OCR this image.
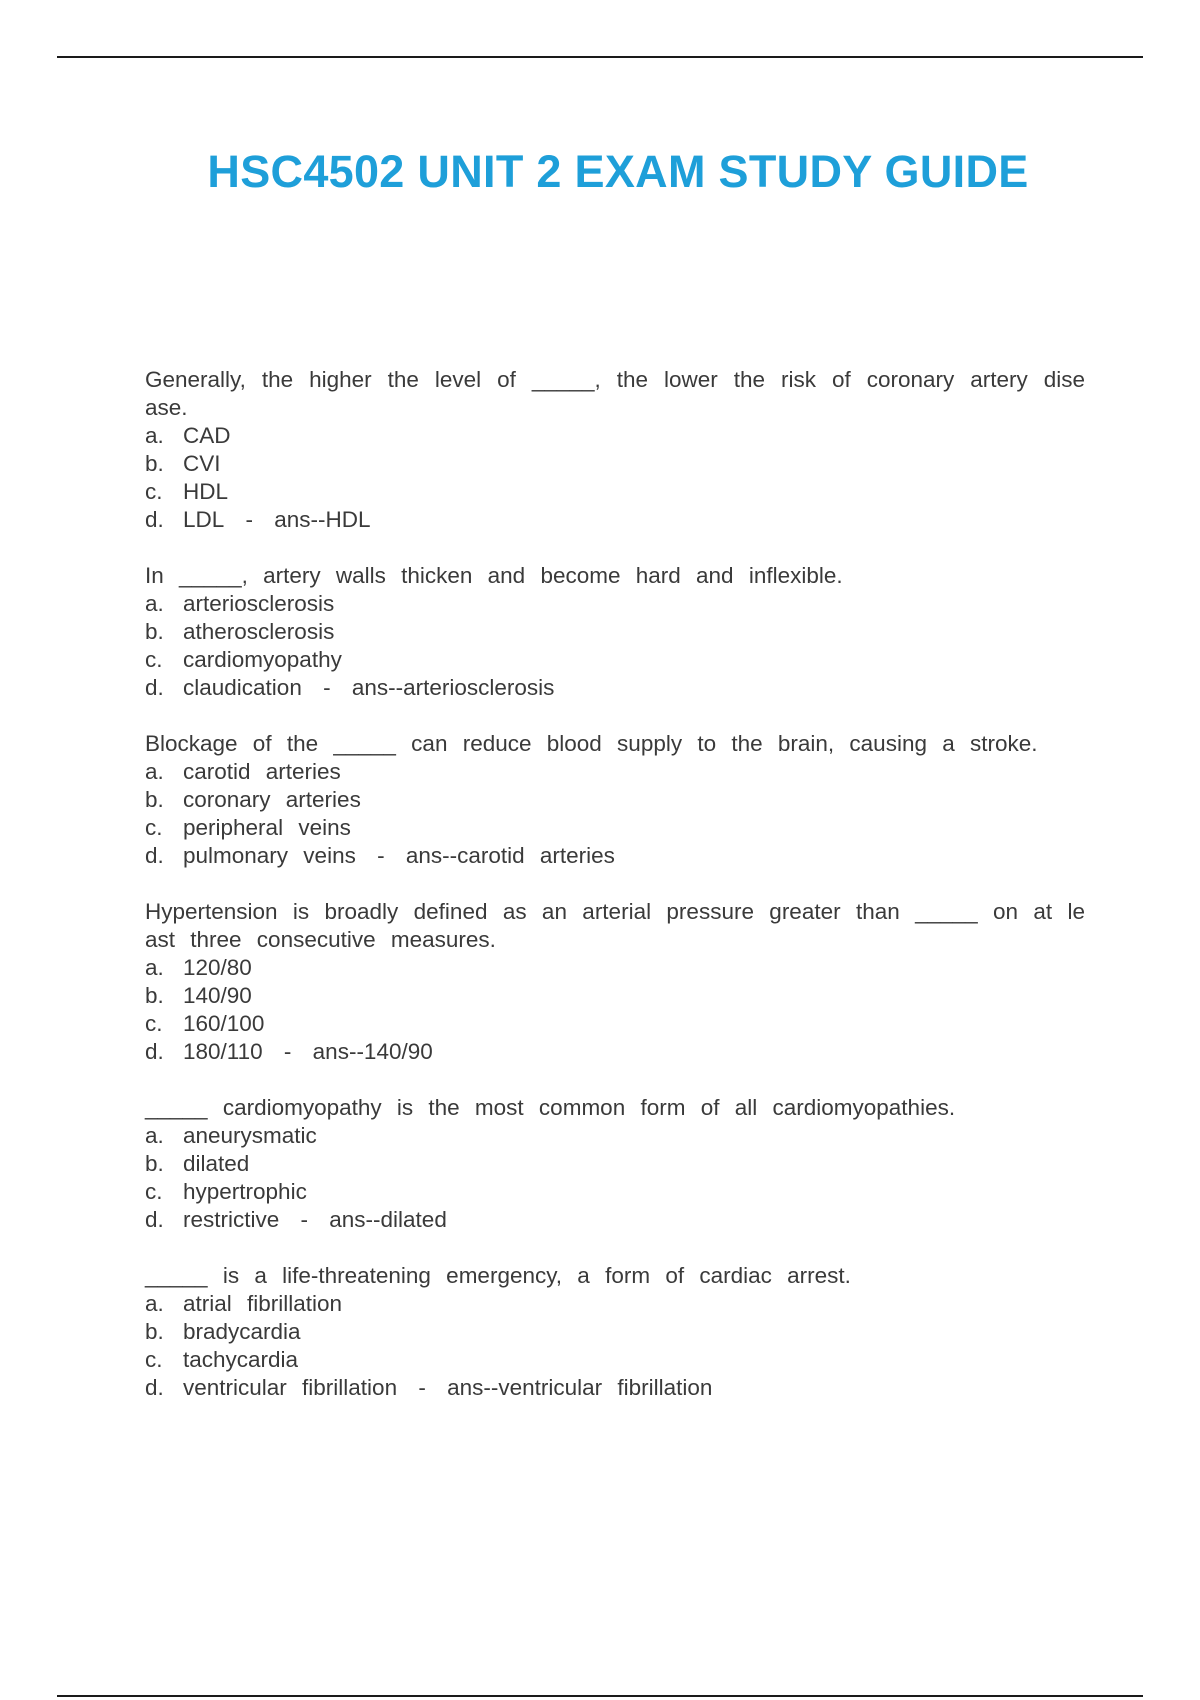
HSC4502 UNIT 2 EXAM STUDY GUIDE

Generally, the higher the level of _____, the lower the risk of coronary artery disease.

a. CAD
b. CVI
c. HDL
d. LDL - ans--HDL

In _____, artery walls thicken and become hard and inflexible.

a. arteriosclerosis
b. atherosclerosis
c. cardiomyopathy
d. claudication - ans--arteriosclerosis

Blockage of the _____ can reduce blood supply to the brain, causing a stroke.

a. carotid arteries
b. coronary arteries
c. peripheral veins
d. pulmonary veins - ans--carotid arteries

Hypertension is broadly defined as an arterial pressure greater than _____ on at least three consecutive measures.

a. 120/80
b. 140/90
c. 160/100
d. 180/110 - ans--140/90

_____ cardiomyopathy is the most common form of all cardiomyopathies.

a. aneurysmatic
b. dilated
c. hypertrophic
d. restrictive - ans--dilated

_____ is a life-threatening emergency, a form of cardiac arrest.

a. atrial fibrillation
b. bradycardia
c. tachycardia
d. ventricular fibrillation - ans--ventricular fibrillation
